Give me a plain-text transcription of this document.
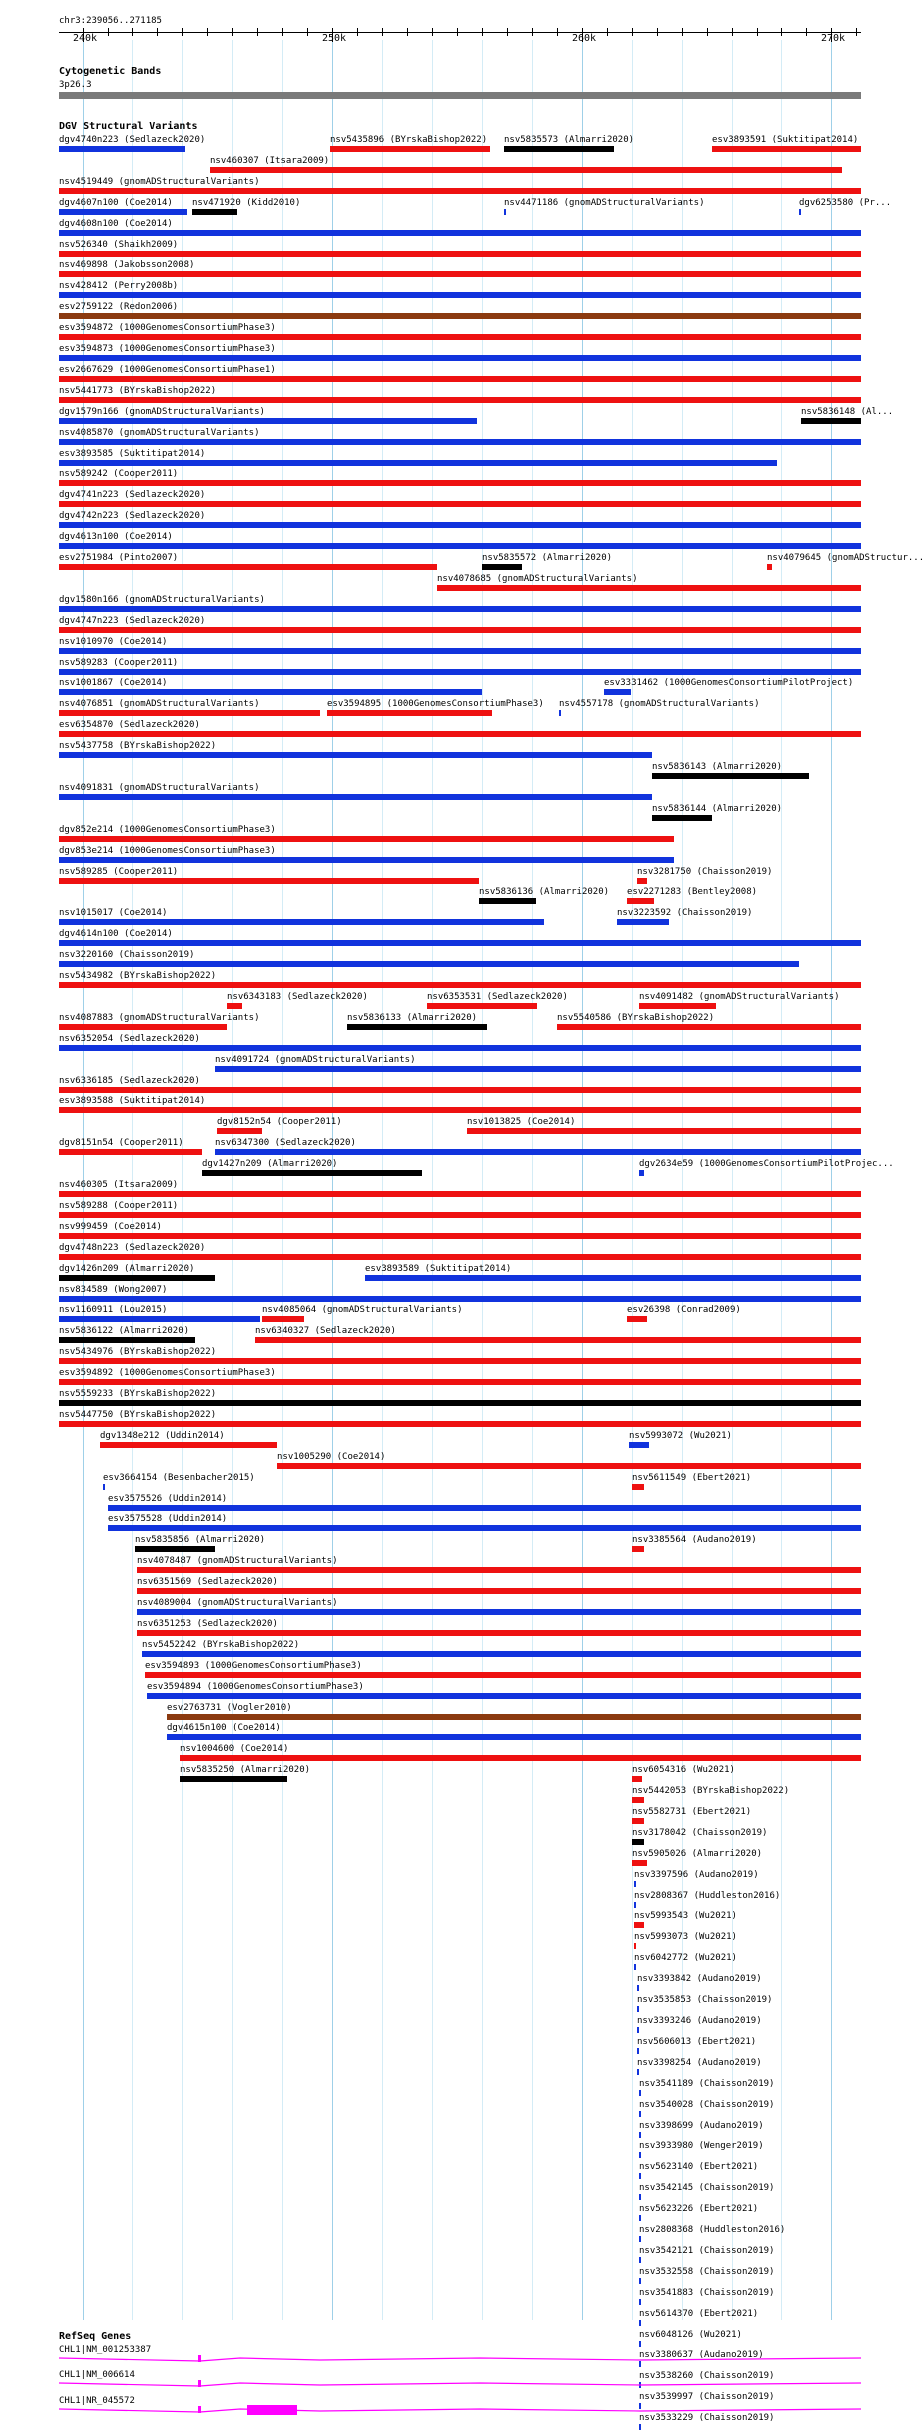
chr3:239056..271185
240k	250k	260k	270k
Cytogenetic Bands
3p26.3
DGV Structural Variants
dgv4740n223 (Sedlazeck2020)
nsv460307 (Itsara2009)
nsv4519449 (gnomADStructuralVariants)
dgv4607n100 (Coe2014) nsv471920 (Kidd2010)
nsv5435896 (BYrskaBishop2022) nsv5835573 (Almarri2020)	esv3893591 (Suktitipat2014)
dgv4608n100 (Coe2014)
nsv526340 (Shaikh2009)
nsv469898 (Jakobsson2008)
nsv428412 (Perry2008b)
esv2759122 (Redon2006)
esv3594872 (1000GenomesConsortiumPhase3)
esv3594873 (1000GenomesConsortiumPhase3)
esv2667629 (1000GenomesConsortiumPhase1)
nsv5441773 (BYrskaBishop2022)
dgv1579n166 (gnomADStructuralVariants)
nsv4471186 (gnomADStructuralVariants)	dgv6253580 (Pr...
nsv4085870 (gnomADStructuralVariants)
esv3893585 (Suktitipat2014)
nsv5836148 (Al...
nsv589242 (Cooper2011)
dgv4741n223 (Sedlazeck2020)
dgv4742n223 (Sedlazeck2020)
dgv4613n100 (Coe2014)
esv2751984 (Pinto2007)
nsv4078685 (gnomADStructuralVariants)
dgv1580n166 (gnomADStructuralVariants)
dgv4747n223 (Sedlazeck2020)
nsv1010970 (Coe2014)
nsv589283 (Cooper2011)
nsv1001867 (Coe2014)
nsv5835572 (Almarri2020)
esv3331462 (1000GenomesConsortiumPilotProject)
nsv4076851 (gnomADStructuralVariants)	esv3594895 (1000GenomesConsortiumPhase3) nsv4557178 (gnomADStructuralVariants)
nsv4079645 (gnomADStructur...
esv6354870 (Sedlazeck2020)
nsv5437758 (BYrskaBishop2022)
nsv5836143 (Almarri2020)
nsv4091831 (gnomADStructuralVariants)
nsv5836144 (Almarri2020)
dgv852e214 (1000GenomesConsortiumPhase3)
dgv853e214 (1000GenomesConsortiumPhase3)
nsv589285 (Cooper2011)
nsv5836136 (Almarri2020)
nsv3281750 (Chaisson2019)
nsv1015017 (Coe2014)	nsv3223592 (Chaisson2019)
dgv4614n100 (Coe2014)
nsv3220160 (Chaisson2019)
nsv5434982 (BYrskaBishop2022)
nsv6343183 (Sedlazeck2020)	nsv6353531 (Sedlazeck2020)
nsv4087883 (gnomADStructuralVariants)	nsv5836133 (Almarri2020)	nsv5540586 (BYrskaBishop2022)
nsv6352054 (Sedlazeck2020)
nsv4091724 (gnomADStructuralVariants)
nsv6336185 (Sedlazeck2020)
esv3893588 (Suktitipat2014)
dgv8152n54 (Cooper2011)
dgv8151n54 (Cooper2011)
dgv1427n209 (Almarri2020)
nsv1013825 (Coe2014)
nsv460305 (Itsara2009)
nsv589288 (Cooper2011)
nsv999459 (Coe2014)
dgv4748n223 (Sedlazeck2020)
dgv1426n209 (Almarri2020)
nsv6347300 (Sedlazeck2020)
nsv834589 (Wong2007)
nsv1160911 (Lou2015)
esv3893589 (Suktitipat2014)
nsv5836122 (Almarri2020)	nsv6340327 (Sedlazeck2020)
nsv5434976 (BYrskaBishop2022)
nsv4085064 (gnomADStructuralVariants)
esv2271283 (Bentley2008)
esv3594892 (1000GenomesConsortiumPhase3)
nsv5559233 (BYrskaBishop2022)
nsv5447750 (BYrskaBishop2022)
dgv1348e212 (Uddin2014)
nsv1005290 (Coe2014)
esv3664154 (Besenbacher2015)
nsv4091482 (gnomADStructuralVariants)
esv3575526 (Uddin2014)
dgv2634e59 (1000GenomesConsortiumPilotProjec...
esv3575528 (Uddin2014)
nsv5835856 (Almarri2020)
esv26398 (Conrad2009)
nsv4078487 (gnomADStructuralVariants)
nsv6351569 (Sedlazeck2020)
nsv4089004 (gnomADStructuralVariants)
nsv6351253 (Sedlazeck2020)
nsv5452242 (BYrskaBishop2022)
esv3594893 (1000GenomesConsortiumPhase3)
esv3594894 (1000GenomesConsortiumPhase3)
esv2763731 (Vogler2010)
dgv4615n100 (Coe2014)
nsv1004600 (Coe2014)
nsv5835250 (Almarri2020)
nsv5993072 (Wu2021)
nsv5611549 (Ebert2021)
nsv3385564 (Audano2019)
nsv6054316 (Wu2021)
nsv5442053 (BYrskaBishop2022)
nsv5582731 (Ebert2021)
nsv3178042 (Chaisson2019)
nsv5905026 (Almarri2020)
nsv3397596 (Audano2019)
nsv2808367 (Huddleston2016)
nsv5993543 (Wu2021)
nsv5993073 (Wu2021)
nsv6042772 (Wu2021)
nsv3393842 (Audano2019)
nsv3535853 (Chaisson2019)
nsv3393246 (Audano2019)
nsv5606013 (Ebert2021)
nsv3398254 (Audano2019)
nsv3541189 (Chaisson2019)
nsv3540028 (Chaisson2019)
nsv3398699 (Audano2019)
nsv3933980 (Wenger2019)
nsv5623140 (Ebert2021)
nsv3542145 (Chaisson2019)
nsv5623226 (Ebert2021)
nsv2808368 (Huddleston2016)
nsv3542121 (Chaisson2019)
nsv3532558 (Chaisson2019)
nsv3541883 (Chaisson2019)
nsv5614370 (Ebert2021)
nsv6048126 (Wu2021)
nsv3380637 (Audano2019)
nsv3538260 (Chaisson2019)
nsv3539997 (Chaisson2019)
nsv3533229 (Chaisson2019)
RefSeq Genes
CHL1|NM_001253387
CHL1|NM_006614
CHL1|NR_045572
